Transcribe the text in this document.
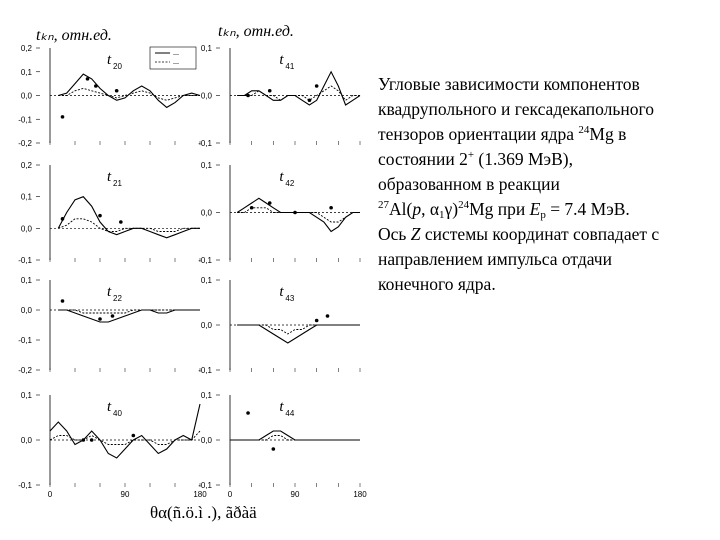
0,2
0,1
0,0
-0,1
-0,2
t 20
0,1
0,0
-0,1
t 41
0,2
0,1
0,0
-0,1
t 21
0,1
0,0
-0,1
t 42
0,1
0,0
-0,1
-0,2
t 22
0,1
0,0
-0,1
t 43
0,1
0,0
-0,1
0	90	180
t 40
0,1
0,0
-0,1
0	90	180
t 44
tₖₙ, отн.ед.	tₖₙ, отн.ед.
---
---
θα(ñ.ö.ì .), ãðàä
Угловые зависимости компонентов
квадрупольного и гексадекапольного
тензоров ориентации ядра $^{24}$Mg в
состоянии 2+ (1.369 МэВ),
образованном в реакции
$^{27}$Al(p, $\alpha_1\gamma)^{24}Mg$ при $E_p = 7.4$ МэВ.
Ось Z системы координат совпадает с
направлением импульса отдачи
конечного ядра.
